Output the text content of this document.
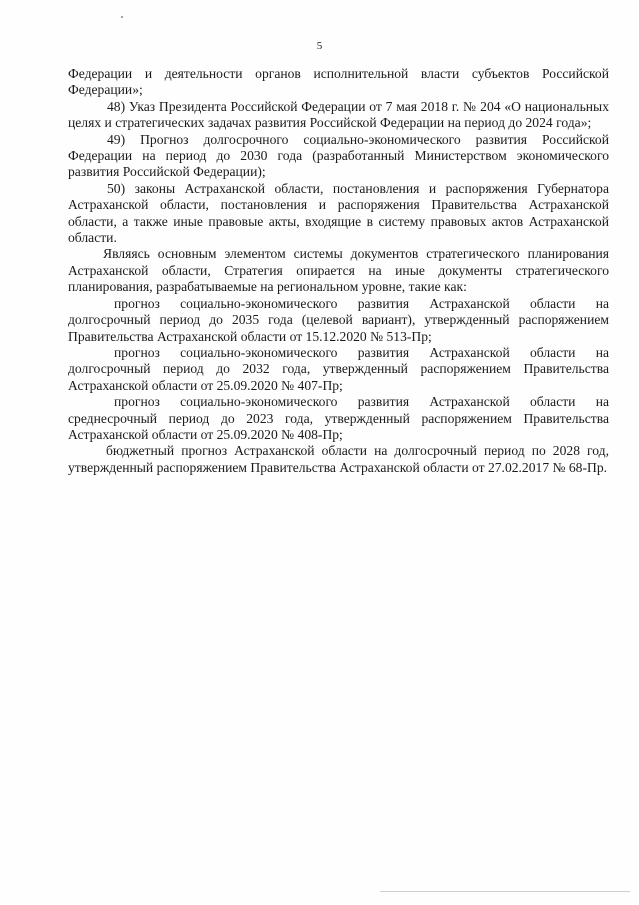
5

Федерации и деятельности органов исполнительной власти субъектов Российской Федерации»;

48) Указ Президента Российской Федерации от 7 мая 2018 г. № 204 «О национальных целях и стратегических задачах развития Российской Федерации на период до 2024 года»;

49) Прогноз долгосрочного социально-экономического развития Российской Федерации на период до 2030 года (разработанный Министерством экономического развития Российской Федерации);

50) законы Астраханской области, постановления и распоряжения Губернатора Астраханской области, постановления и распоряжения Правительства Астраханской области, а также иные правовые акты, входящие в систему правовых актов Астраханской области.

Являясь основным элементом системы документов стратегического планирования Астраханской области, Стратегия опирается на иные документы стратегического планирования, разрабатываемые на региональном уровне, такие как:

прогноз социально-экономического развития Астраханской области на долгосрочный период до 2035 года (целевой вариант), утвержденный распоряжением Правительства Астраханской области от 15.12.2020 № 513-Пр;

прогноз социально-экономического развития Астраханской области на долгосрочный период до 2032 года, утвержденный распоряжением Правительства Астраханской области от 25.09.2020 № 407-Пр;

прогноз социально-экономического развития Астраханской области на среднесрочный период до 2023 года, утвержденный распоряжением Правительства Астраханской области от 25.09.2020 № 408-Пр;

бюджетный прогноз Астраханской области на долгосрочный период по 2028 год, утвержденный распоряжением Правительства Астраханской области от 27.02.2017 № 68-Пр.
